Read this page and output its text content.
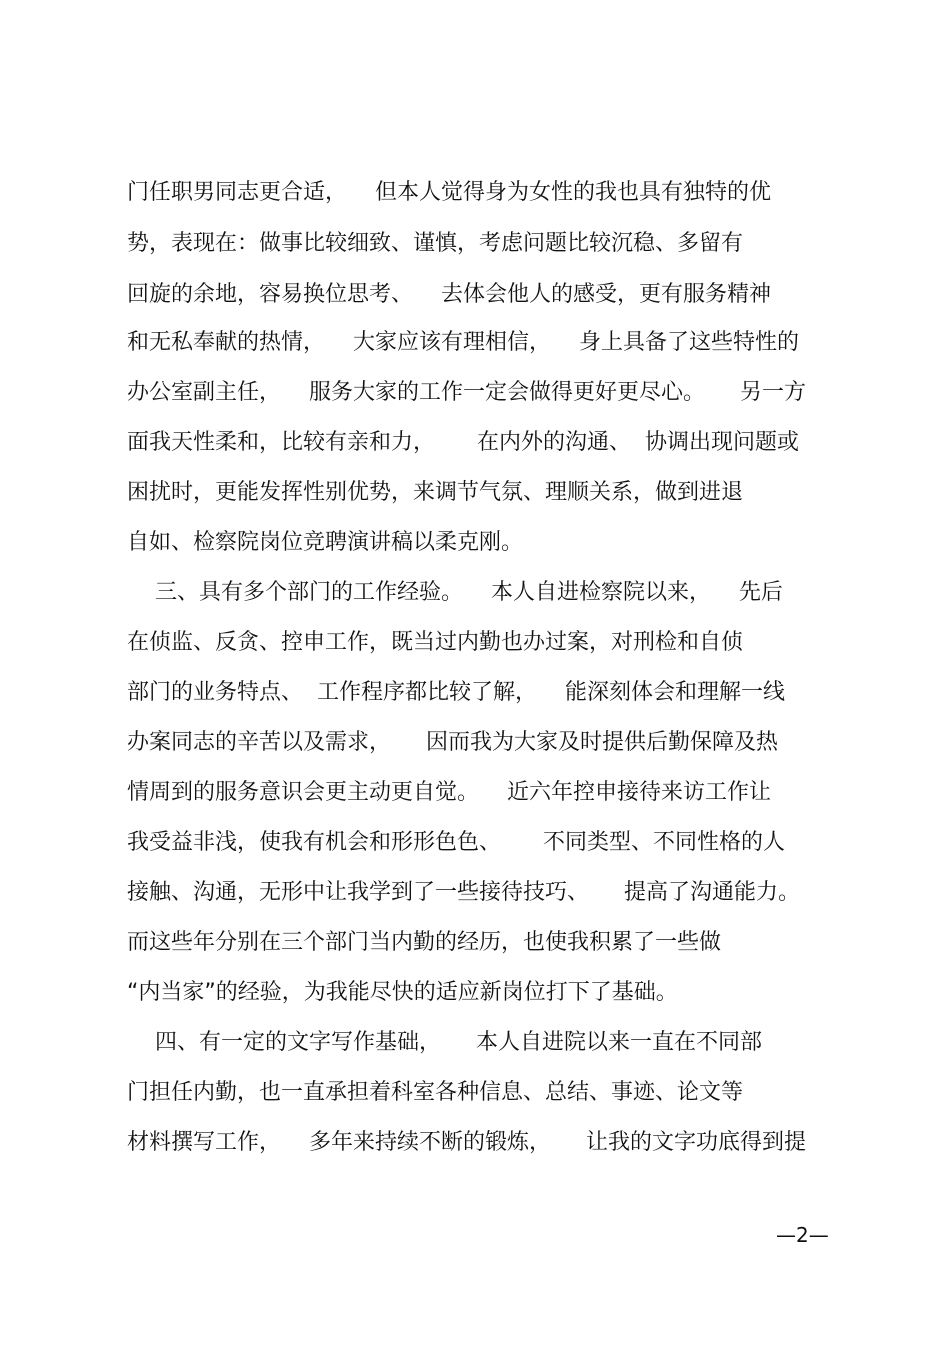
门任职男同志更合适，    但本人觉得身为女性的我也具有独特的优
势，表现在：做事比较细致、谨慎，考虑问题比较沉稳、多留有
回旋的余地，容易换位思考、    去体会他人的感受，更有服务精神
和无私奉献的热情，    大家应该有理相信，    身上具备了这些特性的
办公室副主任，    服务大家的工作一定会做得更好更尽心。     另一方
面我天性柔和，比较有亲和力，      在内外的沟通、  协调出现问题或
困扰时，更能发挥性别优势，来调节气氛、理顺关系，做到进退
自如、检察院岗位竞聘演讲稿以柔克刚。
三、具有多个部门的工作经验。    本人自进检察院以来，    先后
在侦监、反贪、控申工作，既当过内勤也办过案，对刑检和自侦
部门的业务特点、  工作程序都比较了解，    能深刻体会和理解一线
办案同志的辛苦以及需求，     因而我为大家及时提供后勤保障及热
情周到的服务意识会更主动更自觉。    近六年控申接待来访工作让
我受益非浅，使我有机会和形形色色、      不同类型、不同性格的人
接触、沟通，无形中让我学到了一些接待技巧、     提高了沟通能力。
而这些年分别在三个部门当内勤的经历，也使我积累了一些做
“内当家”的经验，为我能尽快的适应新岗位打下了基础。
四、有一定的文字写作基础，     本人自进院以来一直在不同部
门担任内勤，也一直承担着科室各种信息、总结、事迹、论文等
材料撰写工作，    多年来持续不断的锻炼，     让我的文字功底得到提
—2—
